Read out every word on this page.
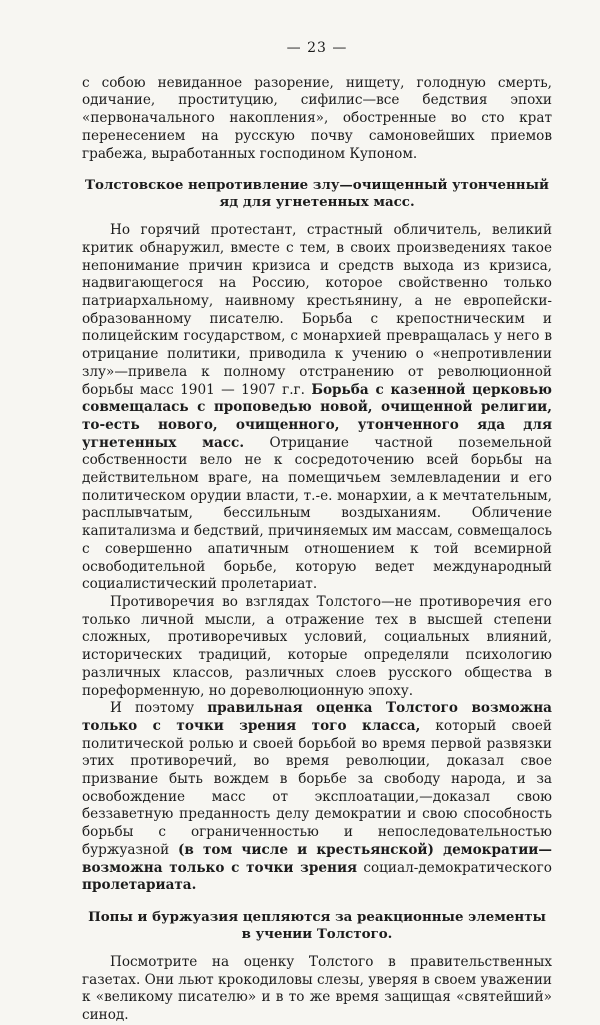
— 23 —

с собою невиданное разорение, нищету, голодную смерть, одичание, проституцию, сифилис—все бедствия эпохи «первоначального накопления», обостренные во сто крат перенесением на русскую почву самоновейших приемов грабежа, выработанных господином Купоном.

Толстовское непротивление злу—очищенный утонченный яд для угнетенных масс.

Но горячий протестант, страстный обличитель, великий критик обнаружил, вместе с тем, в своих произведениях такое непонимание причин кризиса и средств выхода из кризиса, надвигающегося на Россию, которое свойственно только патриархальному, наивному крестьянину, а не европейски-образованному писателю. Борьба с крепостническим и полицейским государством, с монархией превращалась у него в отрицание политики, приводила к учению о «непротивлении злу»—привела к полному отстранению от революционной борьбы масс 1901 — 1907 г.г. Борьба с казенной церковью совмещалась с проповедью новой, очищенной религии, то-есть нового, очищенного, утонченного яда для угнетенных масс. Отрицание частной поземельной собственности вело не к сосредоточению всей борьбы на действительном враге, на помещичьем землевладении и его политическом орудии власти, т.-е. монархии, а к мечтательным, расплывчатым, бессильным воздыханиям. Обличение капитализма и бедствий, причиняемых им массам, совмещалось с совершенно апатичным отношением к той всемирной освободительной борьбе, которую ведет международный социалистический пролетариат.

Противоречия во взглядах Толстого—не противоречия его только личной мысли, а отражение тех в высшей степени сложных, противоречивых условий, социальных влияний, исторических традиций, которые определяли психологию различных классов, различных слоев русского общества в пореформенную, но дореволюционную эпоху.

И поэтому правильная оценка Толстого возможна только с точки зрения того класса, который своей политической ролью и своей борьбой во время первой развязки этих противоречий, во время революции, доказал свое призвание быть вождем в борьбе за свободу народа, и за освобождение масс от эксплоатации,—доказал свою беззаветную преданность делу демократии и свою способность борьбы с ограниченностью и непоследовательностью буржуазной (в том числе и крестьянской) демократии—возможна только с точки зрения социал-демократического пролетариата.

Попы и буржуазия цепляются за реакционные элементы в учении Толстого.

Посмотрите на оценку Толстого в правительственных газетах. Они льют крокодиловы слезы, уверяя в своем уважении к «великому писателю» и в то же время защищая «святейший» синод.
